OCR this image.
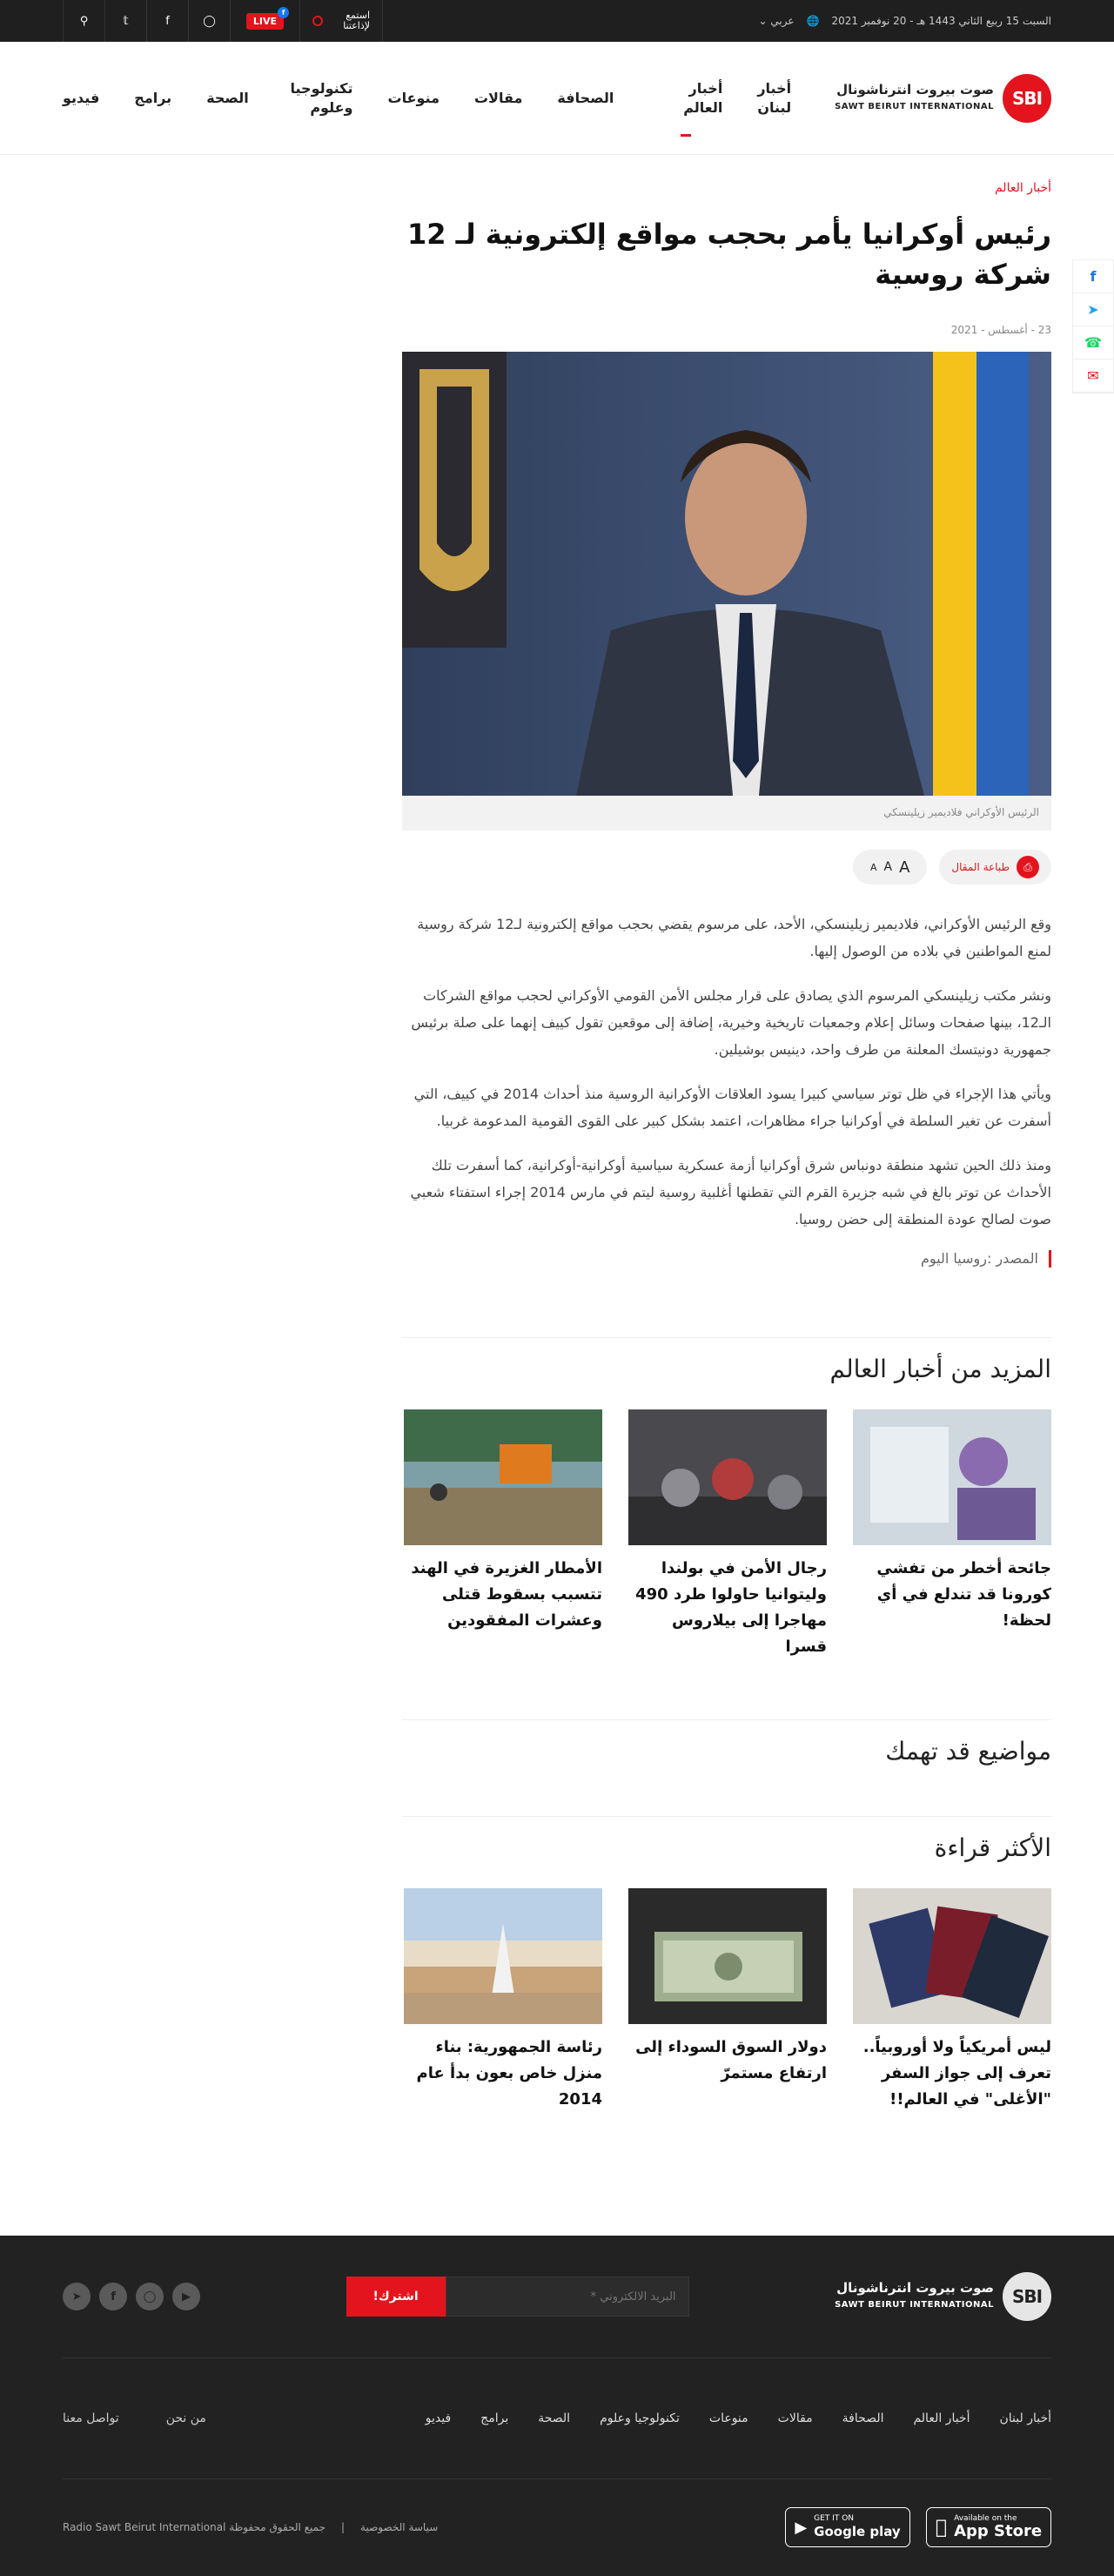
السبت 15 ربيع الثاني 1443 هـ - 20 نوفمبر 2021
🌐
عربي ⌄
⚲	𝕥	f	◯	LIVE
f	استمع لإذاعتنا
SBI
صوت بيروت انترناشونال
SAWT BEIRUT INTERNATIONAL
أخبار لبنان
أخبار العالم
الصحافة
مقالات
منوعات
تكنولوجيا وعلوم
الصحة
برامج
فيديو
f
➤
☎
✉
أخبار العالم
رئيس أوكرانيا يأمر بحجب مواقع إلكترونية لـ 12 شركة روسية
23 - أغسطس - 2021
الرئيس الأوكراني فلاديمير زيلينسكي
⎙
طباعة المقال
A
A
A

وقع الرئيس الأوكراني، فلاديمير زيلينسكي، الأحد، على مرسوم يقضي بحجب مواقع إلكترونية لـ12 شركة روسية لمنع المواطنين في بلاده من الوصول إليها.

ونشر مكتب زيلينسكي المرسوم الذي يصادق على قرار مجلس الأمن القومي الأوكراني لحجب مواقع الشركات الـ12، بينها صفحات وسائل إعلام وجمعيات تاريخية وخيرية، إضافة إلى موقعين تقول كييف إنهما على صلة برئيس جمهورية دونيتسك المعلنة من طرف واحد، دينيس بوشيلين.

ويأتي هذا الإجراء في ظل توتر سياسي كبيرا يسود العلاقات الأوكرانية الروسية منذ أحداث 2014 في كييف، التي أسفرت عن تغير السلطة في أوكرانيا جراء مظاهرات، اعتمد بشكل كبير على القوى القومية المدعومة غربيا.

ومنذ ذلك الحين تشهد منطقة دونباس شرق أوكرانيا أزمة عسكرية سياسية أوكرانية-أوكرانية، كما أسفرت تلك الأحداث عن توتر بالغ في شبه جزيرة القرم التي تقطنها أغلبية روسية ليتم في مارس 2014 إجراء استفتاء شعبي صوت لصالح عودة المنطقة إلى حضن روسيا.

المصدر :روسيا اليوم
المزيد من أخبار العالم
جائحة أخطر من تفشي كورونا قد تندلع في أي لحظة!
رجال الأمن في بولندا وليتوانيا حاولوا طرد 490 مهاجرا إلى بيلاروس قسرا
الأمطار الغزيرة في الهند تتسبب بسقوط قتلى وعشرات المفقودين
مواضيع قد تهمك
الأكثر قراءة
ليس أمريكياً ولا أوروبياً.. تعرف إلى جواز السفر "الأغلى" في العالم!!
دولار السوق السوداء إلى ارتفاع مستمرّ
رئاسة الجمهورية: بناء منزل خاص بعون بدأ عام 2014
SBI
صوت بيروت انترناشونال
SAWT BEIRUT INTERNATIONAL
البريد الالكتروني *
اشترك!
▶
◯
f
➤
أخبار لبنان
أخبار العالم
الصحافة
مقالات
منوعات
تكنولوجيا وعلوم
الصحة
برامج
فيديو
من نحن
تواصل معنا
Available on the
App Store
▶ GET IT ON
Google play
سياسة الخصوصية
|
جميع الحقوق محفوظة Radio Sawt Beirut International
